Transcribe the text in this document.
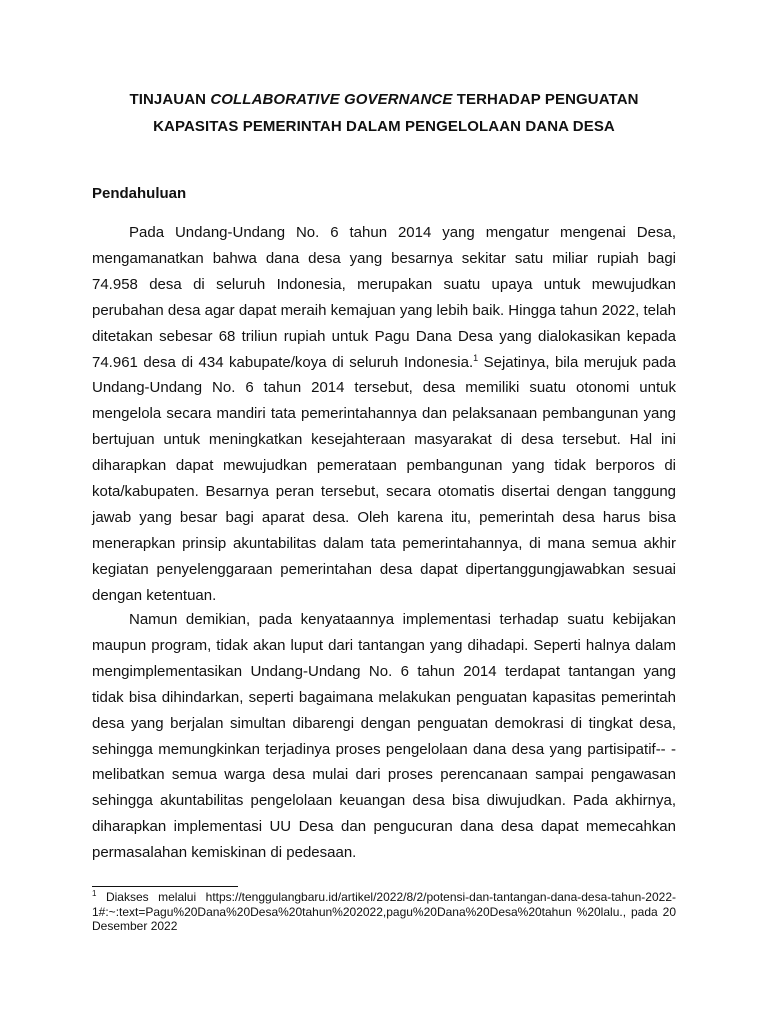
TINJAUAN COLLABORATIVE GOVERNANCE TERHADAP PENGUATAN
KAPASITAS PEMERINTAH DALAM PENGELOLAAN DANA DESA
Pendahuluan

Pada Undang-Undang No. 6 tahun 2014 yang mengatur mengenai Desa, mengamanatkan bahwa dana desa yang besarnya sekitar satu miliar rupiah bagi 74.958 desa di seluruh Indonesia, merupakan suatu upaya untuk mewujudkan perubahan desa agar dapat meraih kemajuan yang lebih baik. Hingga tahun 2022, telah ditetakan sebesar 68 triliun rupiah untuk Pagu Dana Desa yang dialokasikan kepada 74.961 desa di 434 kabupate/koya di seluruh Indonesia.$^1$ Sejatinya, bila merujuk pada Undang-Undang No. 6 tahun 2014 tersebut, desa memiliki suatu otonomi untuk mengelola secara mandiri tata pemerintahannya dan pelaksanaan pembangunan yang bertujuan untuk meningkatkan kesejahteraan masyarakat di desa tersebut. Hal ini diharapkan dapat mewujudkan pemerataan pembangunan yang tidak berporos di kota/kabupaten. Besarnya peran tersebut, secara otomatis disertai dengan tanggung jawab yang besar bagi aparat desa. Oleh karena itu, pemerintah desa harus bisa menerapkan prinsip akuntabilitas dalam tata pemerintahannya, di mana semua akhir kegiatan penyelenggaraan pemerintahan desa dapat dipertanggungjawabkan sesuai dengan ketentuan.

Namun demikian, pada kenyataannya implementasi terhadap suatu kebijakan maupun program, tidak akan luput dari tantangan yang dihadapi. Seperti halnya dalam mengimplementasikan Undang-Undang No. 6 tahun 2014 terdapat tantangan yang tidak bisa dihindarkan, seperti bagaimana melakukan penguatan kapasitas pemerintah desa yang berjalan simultan dibarengi dengan penguatan demokrasi di tingkat desa, sehingga memungkinkan terjadinya proses pengelolaan dana desa yang partisipatif-- -melibatkan semua warga desa mulai dari proses perencanaan sampai pengawasan sehingga akuntabilitas pengelolaan keuangan desa bisa diwujudkan. Pada akhirnya, diharapkan implementasi UU Desa dan pengucuran dana desa dapat memecahkan permasalahan kemiskinan di pedesaan.

$^1$ Diakses melalui https://tenggulangbaru.id/artikel/2022/8/2/potensi-dan-tantangan-dana-desa-tahun-2022-1#:~:text=Pagu%20Dana%20Desa%20tahun%202022,pagu%20Dana%20Desa%20tahun %20lalu., pada 20 Desember 2022
